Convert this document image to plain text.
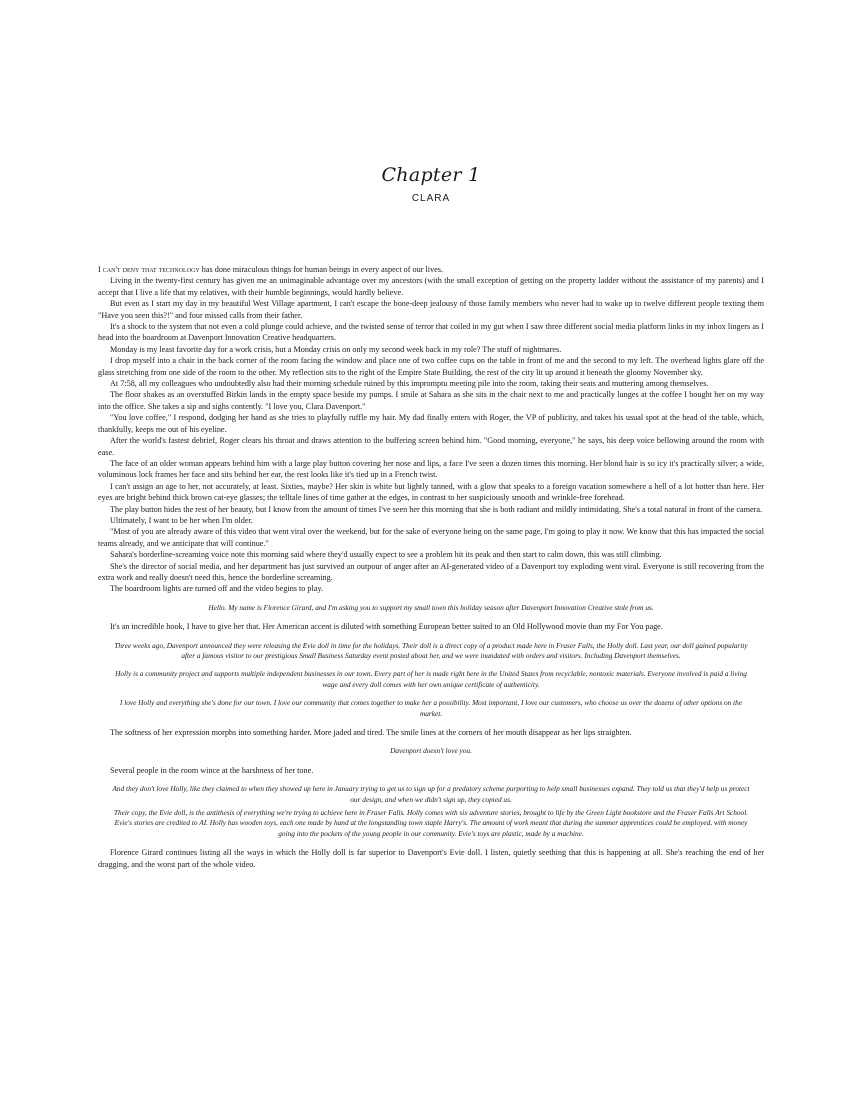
Chapter 1
CLARA

I can't deny that technology has done miraculous things for human beings in every aspect of our lives.

Living in the twenty-first century has given me an unimaginable advantage over my ancestors (with the small exception of getting on the property ladder without the assistance of my parents) and I accept that I live a life that my relatives, with their humble beginnings, would hardly believe.

But even as I start my day in my beautiful West Village apartment, I can't escape the bone-deep jealousy of those family members who never had to wake up to twelve different people texting them "Have you seen this?!" and four missed calls from their father.

It's a shock to the system that not even a cold plunge could achieve, and the twisted sense of terror that coiled in my gut when I saw three different social media platform links in my inbox lingers as I head into the boardroom at Davenport Innovation Creative headquarters.

Monday is my least favorite day for a work crisis, but a Monday crisis on only my second week back in my role? The stuff of nightmares.

I drop myself into a chair in the back corner of the room facing the window and place one of two coffee cups on the table in front of me and the second to my left. The overhead lights glare off the glass stretching from one side of the room to the other. My reflection sits to the right of the Empire State Building, the rest of the city lit up around it beneath the gloomy November sky.

At 7:58, all my colleagues who undoubtedly also had their morning schedule ruined by this impromptu meeting pile into the room, taking their seats and muttering among themselves.

The floor shakes as an overstuffed Birkin lands in the empty space beside my pumps. I smile at Sahara as she sits in the chair next to me and practically lunges at the coffee I bought her on my way into the office. She takes a sip and sighs contently. "I love you, Clara Davenport."

"You love coffee," I respond, dodging her hand as she tries to playfully ruffle my hair. My dad finally enters with Roger, the VP of publicity, and takes his usual spot at the head of the table, which, thankfully, keeps me out of his eyeline.

After the world's fastest debrief, Roger clears his throat and draws attention to the buffering screen behind him. "Good morning, everyone," he says, his deep voice bellowing around the room with ease.

The face of an older woman appears behind him with a large play button covering her nose and lips, a face I've seen a dozen times this morning. Her blond hair is so icy it's practically silver; a wide, voluminous lock frames her face and sits behind her ear, the rest looks like it's tied up in a French twist.

I can't assign an age to her, not accurately, at least. Sixties, maybe? Her skin is white but lightly tanned, with a glow that speaks to a foreign vacation somewhere a hell of a lot hotter than here. Her eyes are bright behind thick brown cat-eye glasses; the telltale lines of time gather at the edges, in contrast to her suspiciously smooth and wrinkle-free forehead.

The play button hides the rest of her beauty, but I know from the amount of times I've seen her this morning that she is both radiant and mildly intimidating. She's a total natural in front of the camera.

Ultimately, I want to be her when I'm older.

"Most of you are already aware of this video that went viral over the weekend, but for the sake of everyone being on the same page, I'm going to play it now. We know that this has impacted the social teams already, and we anticipate that will continue."

Sahara's borderline-screaming voice note this morning said where they'd usually expect to see a problem hit its peak and then start to calm down, this was still climbing.

She's the director of social media, and her department has just survived an outpour of anger after an AI-generated video of a Davenport toy exploding went viral. Everyone is still recovering from the extra work and really doesn't need this, hence the borderline screaming.

The boardroom lights are turned off and the video begins to play.

Hello. My name is Florence Girard, and I'm asking you to support my small town this holiday season after Davenport Innovation Creative stole from us.

It's an incredible hook, I have to give her that. Her American accent is diluted with something European better suited to an Old Hollywood movie than my For You page.

Three weeks ago, Davenport announced they were releasing the Evie doll in time for the holidays. Their doll is a direct copy of a product made here in Fraser Falls, the Holly doll. Last year, our doll gained popularity after a famous visitor to our prestigious Small Business Saturday event posted about her, and we were inundated with orders and visitors. Including Davenport themselves.

Holly is a community project and supports multiple independent businesses in our town. Every part of her is made right here in the United States from recyclable, nontoxic materials. Everyone involved is paid a living wage and every doll comes with her own unique certificate of authenticity.

I love Holly and everything she's done for our town. I love our community that comes together to make her a possibility. Most important, I love our customers, who choose us over the dozens of other options on the market.

The softness of her expression morphs into something harder. More jaded and tired. The smile lines at the corners of her mouth disappear as her lips straighten.

Davenport doesn't love you.

Several people in the room wince at the harshness of her tone.

And they don't love Holly, like they claimed to when they showed up here in January trying to get us to sign up for a predatory scheme purporting to help small businesses expand. They told us that they'd help us protect our design, and when we didn't sign up, they copied us.

Their copy, the Evie doll, is the antithesis of everything we're trying to achieve here in Fraser Falls. Holly comes with six adventure stories, brought to life by the Green Light bookstore and the Fraser Falls Art School. Evie's stories are credited to AI. Holly has wooden toys, each one made by hand at the longstanding town staple Harry's. The amount of work meant that during the summer apprentices could be employed, with money going into the pockets of the young people in our community. Evie's toys are plastic, made by a machine.

Florence Girard continues listing all the ways in which the Holly doll is far superior to Davenport's Evie doll. I listen, quietly seething that this is happening at all. She's reaching the end of her dragging, and the worst part of the whole video.
